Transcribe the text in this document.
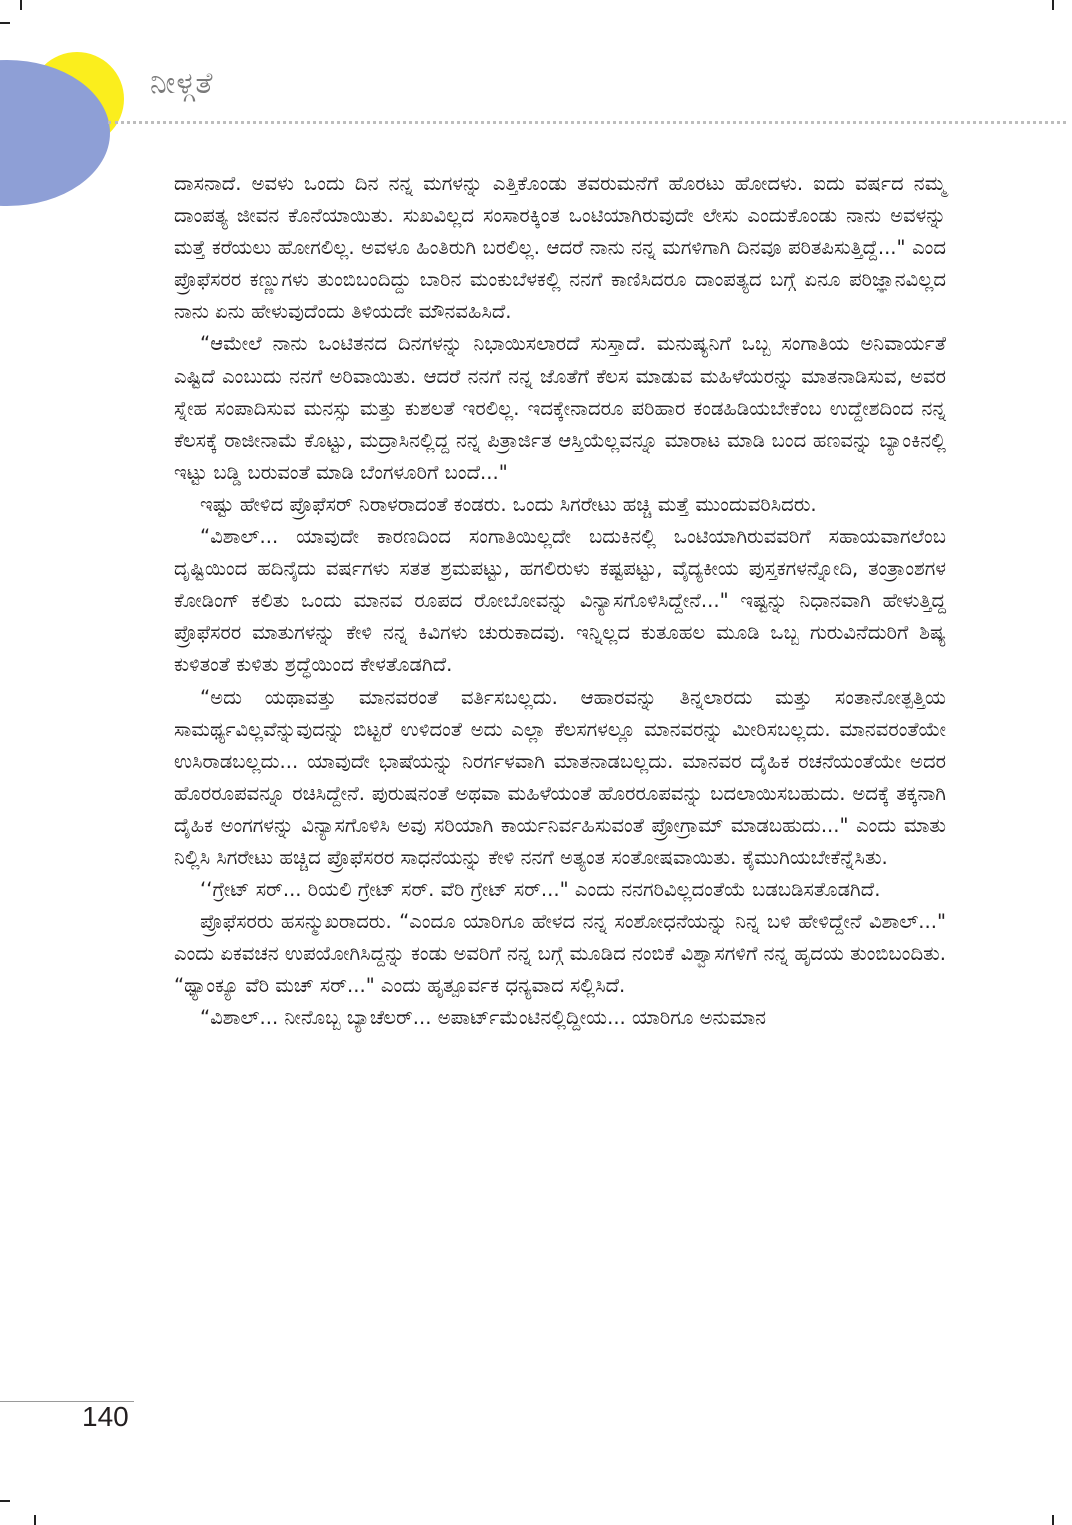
ನೀಳ್ಗತೆ

ದಾಸನಾದೆ. ಅವಳು ಒಂದು ದಿನ ನನ್ನ ಮಗಳನ್ನು ಎತ್ತಿಕೊಂಡು ತವರುಮನೆಗೆ ಹೊರಟು ಹೋದಳು. ಐದು ವರ್ಷದ ನಮ್ಮ ದಾಂಪತ್ಯ ಜೀವನ ಕೊನೆಯಾಯಿತು. ಸುಖವಿಲ್ಲದ ಸಂಸಾರಕ್ಕಿಂತ ಒಂಟಿಯಾಗಿರುವುದೇ ಲೇಸು ಎಂದುಕೊಂಡು ನಾನು ಅವಳನ್ನು ಮತ್ತೆ ಕರೆಯಲು ಹೋಗಲಿಲ್ಲ. ಅವಳೂ ಹಿಂತಿರುಗಿ ಬರಲಿಲ್ಲ. ಆದರೆ ನಾನು ನನ್ನ ಮಗಳಿಗಾಗಿ ದಿನವೂ ಪರಿತಪಿಸುತ್ತಿದ್ದೆ..." ಎಂದ ಪ್ರೊಫೆಸರರ ಕಣ್ಣುಗಳು ತುಂಬಿಬಂದಿದ್ದು ಬಾರಿನ ಮಂಕುಬೆಳಕಲ್ಲಿ ನನಗೆ ಕಾಣಿಸಿದರೂ ದಾಂಪತ್ಯದ ಬಗ್ಗೆ ಏನೂ ಪರಿಜ್ಞಾನವಿಲ್ಲದ ನಾನು ಏನು ಹೇಳುವುದೆಂದು ತಿಳಿಯದೇ ಮೌನವಹಿಸಿದೆ.

“ಆಮೇಲೆ ನಾನು ಒಂಟಿತನದ ದಿನಗಳನ್ನು ನಿಭಾಯಿಸಲಾರದೆ ಸುಸ್ತಾದೆ. ಮನುಷ್ಯನಿಗೆ ಒಬ್ಬ ಸಂಗಾತಿಯ ಅನಿವಾರ್ಯತೆ ಎಷ್ಟಿದೆ ಎಂಬುದು ನನಗೆ ಅರಿವಾಯಿತು. ಆದರೆ ನನಗೆ ನನ್ನ ಜೊತೆಗೆ ಕೆಲಸ ಮಾಡುವ ಮಹಿಳೆಯರನ್ನು ಮಾತನಾಡಿಸುವ, ಅವರ ಸ್ನೇಹ ಸಂಪಾದಿಸುವ ಮನಸ್ಸು ಮತ್ತು ಕುಶಲತೆ ಇರಲಿಲ್ಲ. ಇದಕ್ಕೇನಾದರೂ ಪರಿಹಾರ ಕಂಡಹಿಡಿಯಬೇಕೆಂಬ ಉದ್ದೇಶದಿಂದ ನನ್ನ ಕೆಲಸಕ್ಕೆ ರಾಜೀನಾಮೆ ಕೊಟ್ಟು, ಮದ್ರಾಸಿನಲ್ಲಿದ್ದ ನನ್ನ ಪಿತ್ರಾರ್ಜಿತ ಆಸ್ತಿಯೆಲ್ಲವನ್ನೂ ಮಾರಾಟ ಮಾಡಿ ಬಂದ ಹಣವನ್ನು ಬ್ಯಾಂಕಿನಲ್ಲಿ ಇಟ್ಟು ಬಡ್ಡಿ ಬರುವಂತೆ ಮಾಡಿ ಬೆಂಗಳೂರಿಗೆ ಬಂದೆ..."

ಇಷ್ಟು ಹೇಳಿದ ಪ್ರೊಫೆಸರ್ ನಿರಾಳರಾದಂತೆ ಕಂಡರು. ಒಂದು ಸಿಗರೇಟು ಹಚ್ಚಿ ಮತ್ತೆ ಮುಂದುವರಿಸಿದರು.

“ವಿಶಾಲ್... ಯಾವುದೇ ಕಾರಣದಿಂದ ಸಂಗಾತಿಯಿಲ್ಲದೇ ಬದುಕಿನಲ್ಲಿ ಒಂಟಿಯಾಗಿರುವವರಿಗೆ ಸಹಾಯವಾಗಲೆಂಬ ದೃಷ್ಟಿಯಿಂದ ಹದಿನೈದು ವರ್ಷಗಳು ಸತತ ಶ್ರಮಪಟ್ಟು, ಹಗಲಿರುಳು ಕಷ್ಟಪಟ್ಟು, ವೈದ್ಯಕೀಯ ಪುಸ್ತಕಗಳನ್ನೋದಿ, ತಂತ್ರಾಂಶಗಳ ಕೋಡಿಂಗ್ ಕಲಿತು ಒಂದು ಮಾನವ ರೂಪದ ರೋಬೋವನ್ನು ವಿನ್ಯಾಸಗೊಳಿಸಿದ್ದೇನೆ..." ಇಷ್ಟನ್ನು ನಿಧಾನವಾಗಿ ಹೇಳುತ್ತಿದ್ದ ಪ್ರೊಫೆಸರರ ಮಾತುಗಳನ್ನು ಕೇಳಿ ನನ್ನ ಕಿವಿಗಳು ಚುರುಕಾದವು. ಇನ್ನಿಲ್ಲದ ಕುತೂಹಲ ಮೂಡಿ ಒಬ್ಬ ಗುರುವಿನೆದುರಿಗೆ ಶಿಷ್ಯ ಕುಳಿತಂತೆ ಕುಳಿತು ಶ್ರದ್ಧೆಯಿಂದ ಕೇಳತೊಡಗಿದೆ.

“ಅದು ಯಥಾವತ್ತು ಮಾನವರಂತೆ ವರ್ತಿಸಬಲ್ಲದು. ಆಹಾರವನ್ನು ತಿನ್ನಲಾರದು ಮತ್ತು ಸಂತಾನೋತ್ಪತ್ತಿಯ ಸಾಮರ್ಥ್ಯವಿಲ್ಲವೆನ್ನುವುದನ್ನು ಬಿಟ್ಟರೆ ಉಳಿದಂತೆ ಅದು ಎಲ್ಲಾ ಕೆಲಸಗಳಲ್ಲೂ ಮಾನವರನ್ನು ಮೀರಿಸಬಲ್ಲದು. ಮಾನವರಂತೆಯೇ ಉಸಿರಾಡಬಲ್ಲದು... ಯಾವುದೇ ಭಾಷೆಯನ್ನು ನಿರರ್ಗಳವಾಗಿ ಮಾತನಾಡಬಲ್ಲದು. ಮಾನವರ ದೈಹಿಕ ರಚನೆಯಂತೆಯೇ ಅದರ ಹೊರರೂಪವನ್ನೂ ರಚಿಸಿದ್ದೇನೆ. ಪುರುಷನಂತೆ ಅಥವಾ ಮಹಿಳೆಯಂತೆ ಹೊರರೂಪವನ್ನು ಬದಲಾಯಿಸಬಹುದು. ಅದಕ್ಕೆ ತಕ್ಕನಾಗಿ ದೈಹಿಕ ಅಂಗಗಳನ್ನು ವಿನ್ಯಾಸಗೊಳಿಸಿ ಅವು ಸರಿಯಾಗಿ ಕಾರ್ಯನಿರ್ವಹಿಸುವಂತೆ ಪ್ರೋಗ್ರಾಮ್ ಮಾಡಬಹುದು..." ಎಂದು ಮಾತು ನಿಲ್ಲಿಸಿ ಸಿಗರೇಟು ಹಚ್ಚಿದ ಪ್ರೊಫೆಸರರ ಸಾಧನೆಯನ್ನು ಕೇಳಿ ನನಗೆ ಅತ್ಯಂತ ಸಂತೋಷವಾಯಿತು. ಕೈಮುಗಿಯಬೇಕೆನ್ನೆಸಿತು.

‘‘ಗ್ರೇಟ್ ಸರ್... ರಿಯಲಿ ಗ್ರೇಟ್ ಸರ್. ವೆರಿ ಗ್ರೇಟ್ ಸರ್..." ಎಂದು ನನಗರಿವಿಲ್ಲದಂತೆಯೆ ಬಡಬಡಿಸತೊಡಗಿದೆ.

ಪ್ರೊಫೆಸರರು ಹಸನ್ಮುಖರಾದರು. “ಎಂದೂ ಯಾರಿಗೂ ಹೇಳದ ನನ್ನ ಸಂಶೋಧನೆಯನ್ನು ನಿನ್ನ ಬಳಿ ಹೇಳಿದ್ದೇನೆ ವಿಶಾಲ್..." ಎಂದು ಏಕವಚನ ಉಪಯೋಗಿಸಿದ್ದನ್ನು ಕಂಡು ಅವರಿಗೆ ನನ್ನ ಬಗ್ಗೆ ಮೂಡಿದ ನಂಬಿಕೆ ವಿಶ್ವಾಸಗಳಿಗೆ ನನ್ನ ಹೃದಯ ತುಂಬಿಬಂದಿತು. “ಥ್ಯಾಂಕ್ಯೂ ವೆರಿ ಮಚ್ ಸರ್..." ಎಂದು ಹೃತ್ಪೂರ್ವಕ ಧನ್ಯವಾದ ಸಲ್ಲಿಸಿದೆ.

“ವಿಶಾಲ್... ನೀನೊಬ್ಬ ಬ್ಯಾಚೆಲರ್... ಅಪಾರ್ಟ್‌ಮೆಂಟಿನಲ್ಲಿದ್ದೀಯ... ಯಾರಿಗೂ ಅನುಮಾನ

140
